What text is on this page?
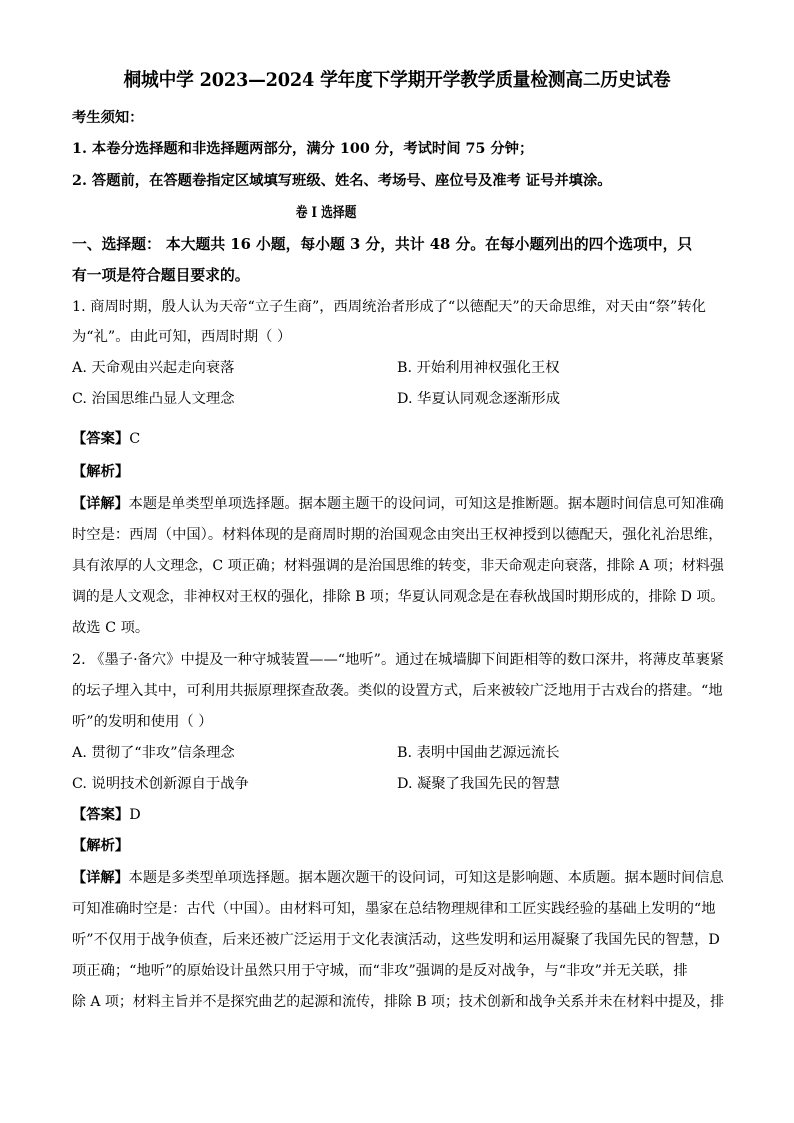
桐城中学 2023—2024 学年度下学期开学教学质量检测高二历史试卷
考生须知：
1. 本卷分选择题和非选择题两部分，满分 100 分，考试时间 75 分钟；
2. 答题前，在答题卷指定区域填写班级、姓名、考场号、座位号及准考 证号并填涂。
卷 I 选择题
一、选择题： 本大题共 16 小题，每小题 3 分，共计 48 分。在每小题列出的四个选项中，只
有一项是符合题目要求的。
1. 商周时期，殷人认为天帝“立子生商”，西周统治者形成了“以德配天”的天命思维，对天由“祭”转化
为“礼”。由此可知，西周时期（ ）
A. 天命观由兴起走向衰落	B. 开始利用神权强化王权
C. 治国思维凸显人文理念	D. 华夏认同观念逐渐形成
【答案】C
【解析】
【详解】本题是单类型单项选择题。据本题主题干的设问词，可知这是推断题。据本题时间信息可知准确
时空是：西周（中国）。材料体现的是商周时期的治国观念由突出王权神授到以德配天，强化礼治思维，
具有浓厚的人文理念，C 项正确；材料强调的是治国思维的转变，非天命观走向衰落，排除 A 项；材料强
调的是人文观念，非神权对王权的强化，排除 B 项；华夏认同观念是在春秋战国时期形成的，排除 D 项。
故选 C 项。
2. 《墨子·备穴》中提及一种守城装置——“地听”。通过在城墙脚下间距相等的数口深井，将薄皮革裹紧
的坛子埋入其中，可利用共振原理探查敌袭。类似的设置方式，后来被较广泛地用于古戏台的搭建。“地
听”的发明和使用（ ）
A. 贯彻了“非攻”信条理念	B. 表明中国曲艺源远流长
C. 说明技术创新源自于战争	D. 凝聚了我国先民的智慧
【答案】D
【解析】
【详解】本题是多类型单项选择题。据本题次题干的设问词，可知这是影响题、本质题。据本题时间信息
可知准确时空是：古代（中国）。由材料可知，墨家在总结物理规律和工匠实践经验的基础上发明的“地
听”不仅用于战争侦查，后来还被广泛运用于文化表演活动，这些发明和运用凝聚了我国先民的智慧，D
项正确；“地听”的原始设计虽然只用于守城，而“非攻”强调的是反对战争，与“非攻”并无关联，排
除 A 项；材料主旨并不是探究曲艺的起源和流传，排除 B 项；技术创新和战争关系并未在材料中提及，排
